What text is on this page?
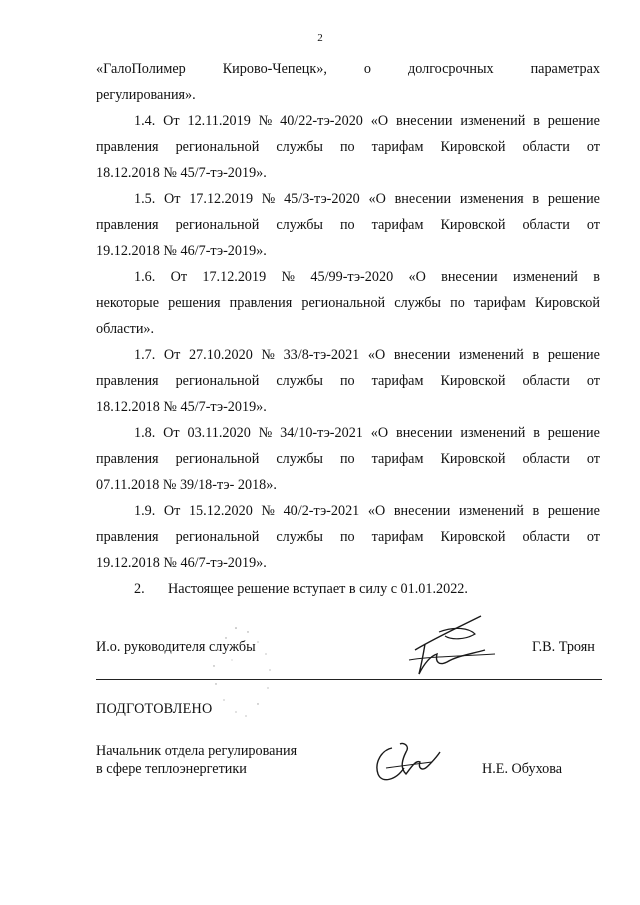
2
«ГалоПолимер	Кирово-Чепецк»,	о	долгосрочных	параметрах
регулирования».
1.4. От 12.11.2019 № 40/22-тэ-2020 «О внесении изменений в решение
правления региональной службы по тарифам Кировской области от
18.12.2018 № 45/7-тэ-2019».
1.5. От 17.12.2019 № 45/3-тэ-2020 «О внесении изменения в решение
правления региональной службы по тарифам Кировской области от
19.12.2018 № 46/7-тэ-2019».
1.6. От 17.12.2019 № 45/99-тэ-2020 «О внесении изменений в
некоторые решения правления региональной службы по тарифам Кировской
области».
1.7. От 27.10.2020 № 33/8-тэ-2021 «О внесении изменений в решение
правления региональной службы по тарифам Кировской области от
18.12.2018 № 45/7-тэ-2019».
1.8. От 03.11.2020 № 34/10-тэ-2021 «О внесении изменений в решение
правления региональной службы по тарифам Кировской области от
07.11.2018 № 39/18-тэ- 2018».
1.9. От 15.12.2020 № 40/2-тэ-2021 «О внесении изменений в решение
правления региональной службы по тарифам Кировской области от
19.12.2018 № 46/7-тэ-2019».
2. Настоящее решение вступает в силу с 01.01.2022.
И.о. руководителя службы	Г.В. Троян
ПОДГОТОВЛЕНО
Начальник отдела регулирования
в сфере теплоэнергетики	Н.Е. Обухова
